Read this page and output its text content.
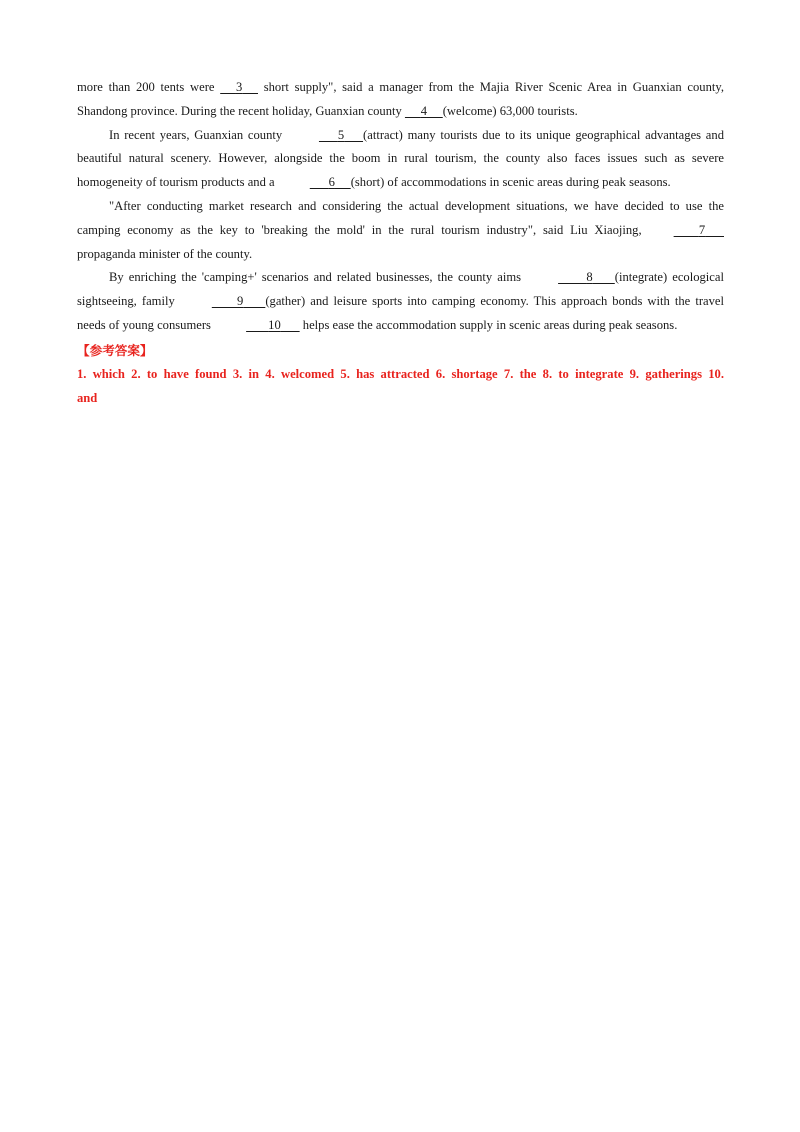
more than 200 tents were      3      short supply", said a manager from the Majia River Scenic Area in Guanxian county, Shandong province. During the recent holiday, Guanxian county      4 (welcome) 63,000 tourists.

In recent years, Guanxian county	5 (attract) many tourists due to its unique geographical advantages and beautiful natural scenery. However, alongside the boom in rural tourism, the county also faces issues such as severe homogeneity of tourism products and a	6 (short) of accommodations in scenic areas during peak seasons.

"After conducting market research and considering the actual development situations, we have decided to use the camping economy as the key to 'breaking the mold' in the rural tourism industry", said Liu Xiaojing,	7       propaganda minister of the county.

By enriching the 'camping+' scenarios and related businesses, the county aims	8 (integrate) ecological sightseeing, family	9 (gather) and leisure sports into camping economy. This approach bonds with the travel needs of young consumers	10       helps ease the accommodation supply in scenic areas during peak seasons.

【参考答案】

1. which 2. to have found 3. in 4. welcomed 5. has attracted 6. shortage 7. the 8. to integrate 9. gatherings 10. and
